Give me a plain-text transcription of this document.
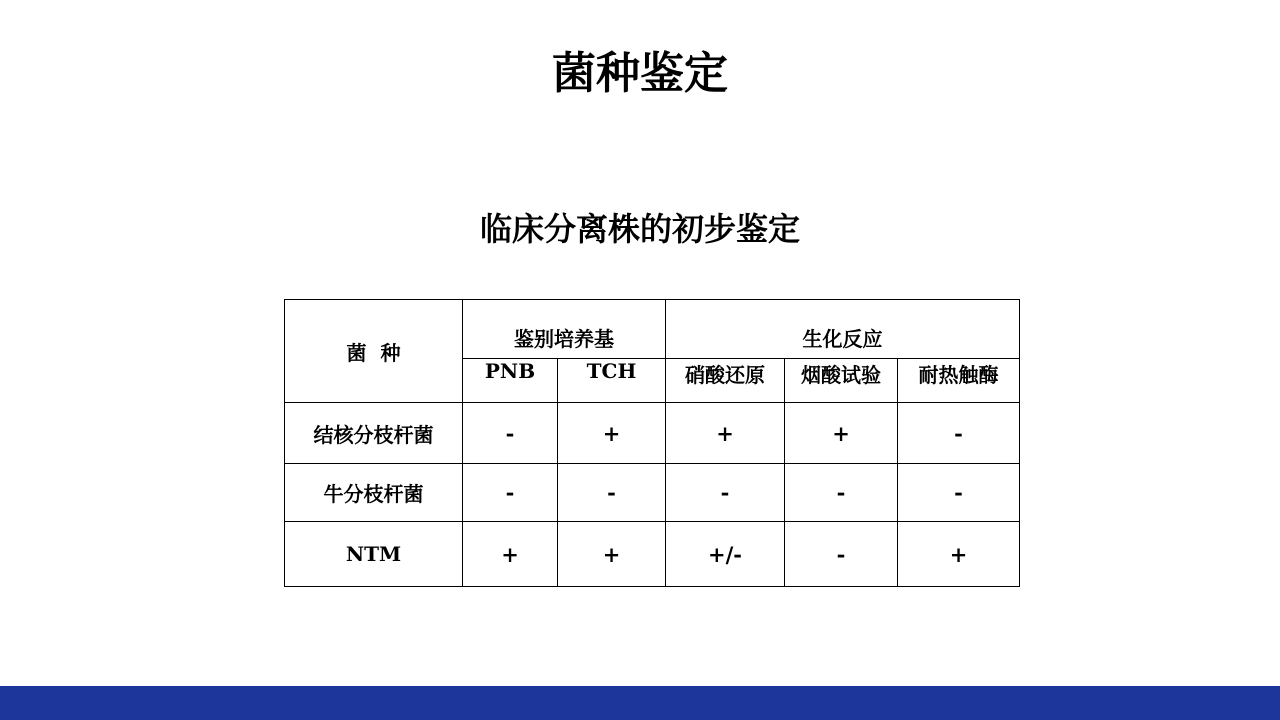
菌种鉴定
临床分离株的初步鉴定
菌  种	鉴别培养基		生化反应		
	PNB	TCH	硝酸还原	烟酸试验	耐热触酶
结核分枝杆菌	-	+	+	+	-
牛分枝杆菌	-	-	-	-	-
NTM	+	+	+/-	-	+
